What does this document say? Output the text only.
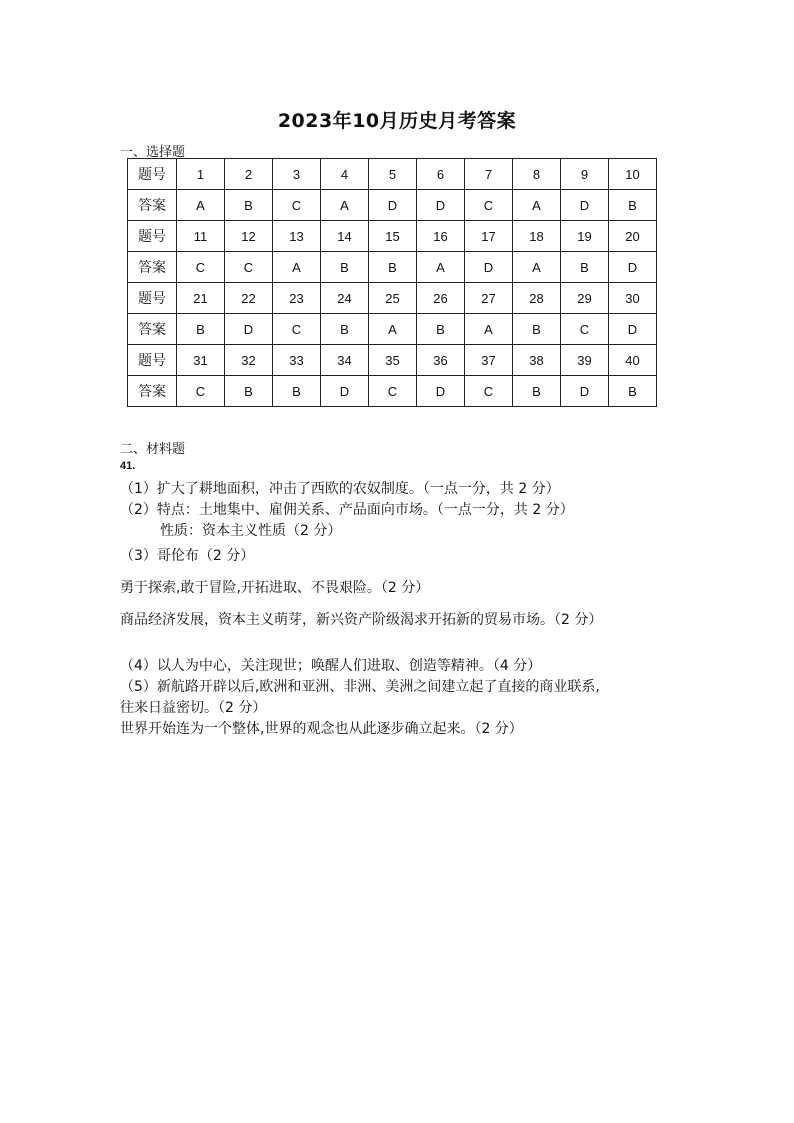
2023年10月历史月考答案
一、选择题
题号	1	2	3	4	5	6	7	8	9	10
答案	A	B	C	A	D	D	C	A	D	B
题号	11	12	13	14	15	16	17	18	19	20
答案	C	C	A	B	B	A	D	A	B	D
题号	21	22	23	24	25	26	27	28	29	30
答案	B	D	C	B	A	B	A	B	C	D
题号	31	32	33	34	35	36	37	38	39	40
答案	C	B	B	D	C	D	C	B	D	B
二、材料题
41.
（1）扩大了耕地面积，冲击了西欧的农奴制度。（一点一分，共 2 分）
（2）特点：土地集中、雇佣关系、产品面向市场。（一点一分，共 2 分）
性质：资本主义性质（2 分）
（3）哥伦布（2 分）
勇于探索,敢于冒险,开拓进取、不畏艰险。（2 分）
商品经济发展，资本主义萌芽，新兴资产阶级渴求开拓新的贸易市场。（2 分）
（4）以人为中心，关注现世；唤醒人们进取、创造等精神。（4 分）
（5）新航路开辟以后,欧洲和亚洲、非洲、美洲之间建立起了直接的商业联系,
往来日益密切。（2 分）
世界开始连为一个整体,世界的观念也从此逐步确立起来。（2 分）
